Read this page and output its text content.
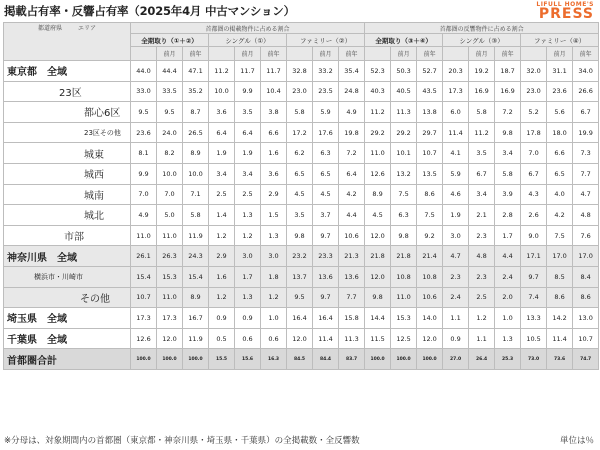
掲載占有率・反響占有率（2025年4月 中古マンション）	LIFULL HOME'S
PRESS
都道府県 エリア	首都圏の掲載物件に占める割合									首都圏の反響物件に占める割合								
	全期取り（①＋②）			シングル（①）			ファミリー（②）			全期取り（③＋④）			シングル（③）			ファミリー（④）		
		前月	前年		前月	前年		前月	前年		前月	前年		前月	前年		前月	前年
東京都　全域	44.0	44.4	47.1	11.2	11.7	11.7	32.8	33.2	35.4	52.3	50.3	52.7	20.3	19.2	18.7	32.0	31.1	34.0
23区	33.0	33.5	35.2	10.0	9.9	10.4	23.0	23.5	24.8	40.3	40.5	43.5	17.3	16.9	16.9	23.0	23.6	26.6
都心6区	9.5	9.5	8.7	3.6	3.5	3.8	5.8	5.9	4.9	11.2	11.3	13.8	6.0	5.8	7.2	5.2	5.6	6.7
23区その他	23.6	24.0	26.5	6.4	6.4	6.6	17.2	17.6	19.8	29.2	29.2	29.7	11.4	11.2	9.8	17.8	18.0	19.9
城東	8.1	8.2	8.9	1.9	1.9	1.6	6.2	6.3	7.2	11.0	10.1	10.7	4.1	3.5	3.4	7.0	6.6	7.3
城西	9.9	10.0	10.0	3.4	3.4	3.6	6.5	6.5	6.4	12.6	13.2	13.5	5.9	6.7	5.8	6.7	6.5	7.7
城南	7.0	7.0	7.1	2.5	2.5	2.9	4.5	4.5	4.2	8.9	7.5	8.6	4.6	3.4	3.9	4.3	4.0	4.7
城北	4.9	5.0	5.8	1.4	1.3	1.5	3.5	3.7	4.4	4.5	6.3	7.5	1.9	2.1	2.8	2.6	4.2	4.8
市部	11.0	11.0	11.9	1.2	1.2	1.3	9.8	9.7	10.6	12.0	9.8	9.2	3.0	2.3	1.7	9.0	7.5	7.6
神奈川県　全域	26.1	26.3	24.3	2.9	3.0	3.0	23.2	23.3	21.3	21.8	21.8	21.4	4.7	4.8	4.4	17.1	17.0	17.0
横浜市・川崎市	15.4	15.3	15.4	1.6	1.7	1.8	13.7	13.6	13.6	12.0	10.8	10.8	2.3	2.3	2.4	9.7	8.5	8.4
その他	10.7	11.0	8.9	1.2	1.3	1.2	9.5	9.7	7.7	9.8	11.0	10.6	2.4	2.5	2.0	7.4	8.6	8.6
埼玉県　全域	17.3	17.3	16.7	0.9	0.9	1.0	16.4	16.4	15.8	14.4	15.3	14.0	1.1	1.2	1.0	13.3	14.2	13.0
千葉県　全域	12.6	12.0	11.9	0.5	0.6	0.6	12.0	11.4	11.3	11.5	12.5	12.0	0.9	1.1	1.3	10.5	11.4	10.7
首都圏合計	100.0	100.0	100.0	15.5	15.6	16.3	84.5	84.4	83.7	100.0	100.0	100.0	27.0	26.4	25.3	73.0	73.6	74.7
※分母は、対象期間内の首都圏（東京都・神奈川県・埼玉県・千葉県）の全掲載数・全反響数	単位は％
